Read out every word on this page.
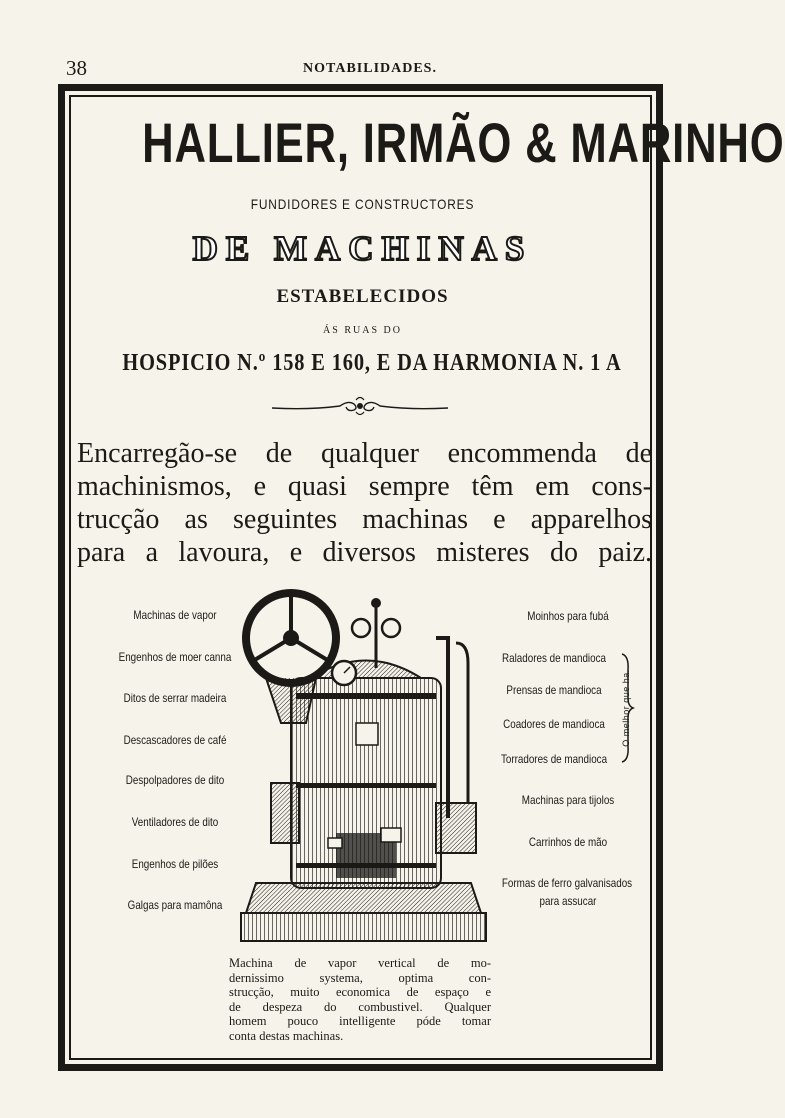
38	NOTABILIDADES.
HALLIER, IRMÃO & MARINHO
FUNDIDORES E CONSTRUCTORES
DE MACHINAS
ESTABELECIDOS
ÁS RUAS DO
HOSPICIO N.º 158 E 160, E DA HARMONIA N. 1 A
Encarregão-se de qualquer encommenda de
machinismos, e quasi sempre têm em cons-
trucção as seguintes machinas e apparelhos
para a lavoura, e diversos misteres do paiz.
Machinas de vapor
Engenhos de moer canna
Ditos de serrar madeira
Descascadores de café
Despolpadores de dito
Ventiladores de dito
Engenhos de pilões
Galgas para mamôna
Moinhos para fubá
Raladores de mandioca
Prensas de mandioca
Coadores de mandioca
Torradores de mandioca
Machinas para tijolos
Carrinhos de mão
Formas de ferro galvanisados
para assucar
O melhor que ha.
Machina de vapor vertical de mo-
dernissimo systema, optima con-
strucção, muito economica de espaço e
de despeza do combustivel. Qualquer
homem pouco intelligente póde tomar
conta destas machinas.
